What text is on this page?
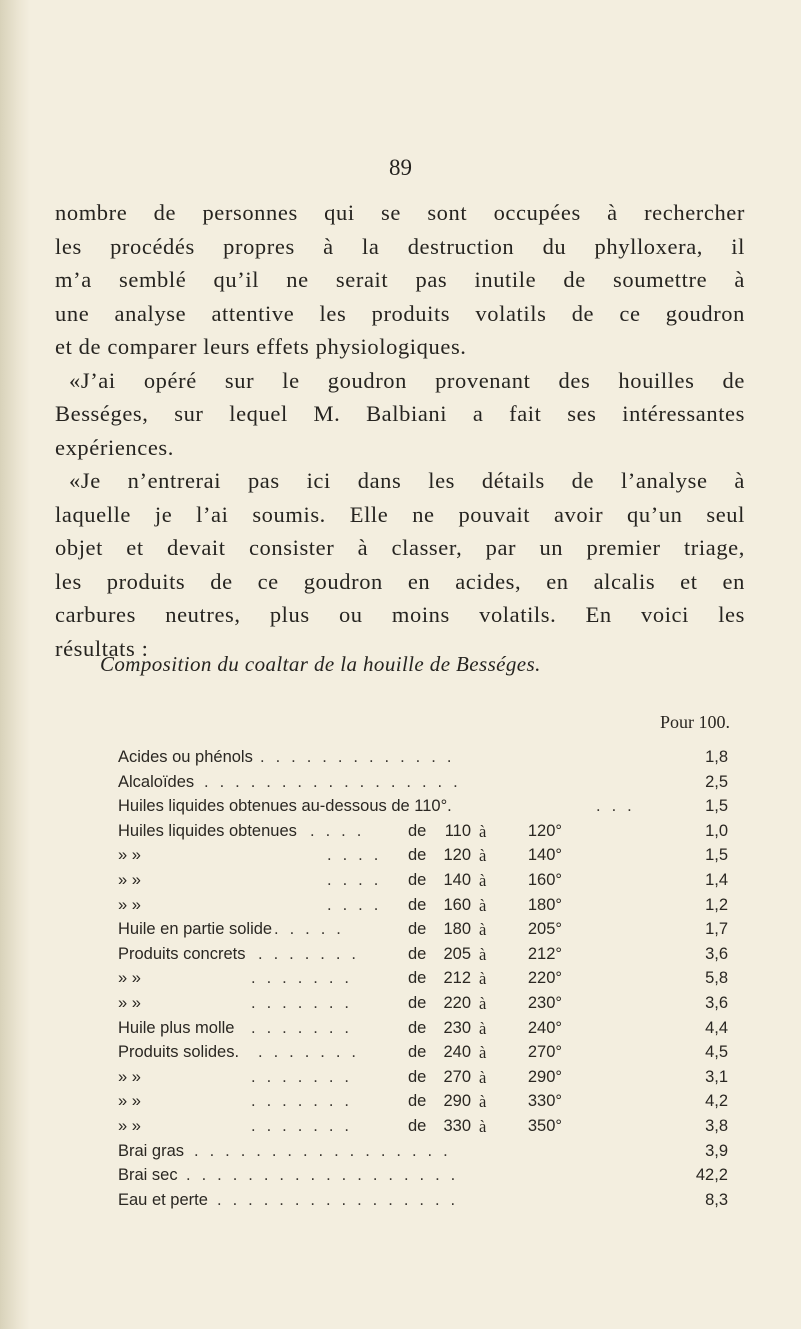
89

nombre de personnes qui se sont occupées à rechercher
les procédés propres à la destruction du phylloxera, il
m’a semblé qu’il ne serait pas inutile de soumettre à
une analyse attentive les produits volatils de ce goudron
et de comparer leurs effets physiologiques.

«J’ai opéré sur le goudron provenant des houilles de
Bességes, sur lequel M. Balbiani a fait ses intéressantes
expériences.

«Je n’entrerai pas ici dans les détails de l’analyse à
laquelle je l’ai soumis. Elle ne pouvait avoir qu’un seul
objet et devait consister à classer, par un premier triage,
les produits de ce goudron en acides, en alcalis et en
carbures neutres, plus ou moins volatils. En voici les
résultats :

Composition du coaltar de la houille de Bességes.
Pour 100.
Acides ou phénols . . . . . . . . . . . . .	1,8
Alcaloïdes . . . . . . . . . . . . . . . . .	2,5
Huiles liquides obtenues au-dessous de 110°.	. . .	1,5
Huiles liquides obtenues . . . .	de	110 à	120°	1,0
» »	. . . . de	120 à	140°	1,5
» »	. . . . de	140 à	160°	1,4
» »	. . . . de	160 à	180°	1,2
Huile en partie solide . . . . .	de	180 à	205°	1,7
Produits concrets . . . . . . .	de	205 à	212°	3,6
» »	. . . . . . .	de	212 à	220°	5,8
» »	. . . . . . .	de	220 à	230°	3,6
Huile plus molle . . . . . . .	de	230 à	240°	4,4
Produits solides. . . . . . . .	de	240 à	270°	4,5
» »	. . . . . . .	de	270 à	290°	3,1
» »	. . . . . . .	de	290 à	330°	4,2
» »	. . . . . . .	de	330 à	350°	3,8
Brai gras . . . . . . . . . . . . . . . . .	3,9
Brai sec . . . . . . . . . . . . . . . . . .	42,2
Eau et perte . . . . . . . . . . . . . . . .	8,3
